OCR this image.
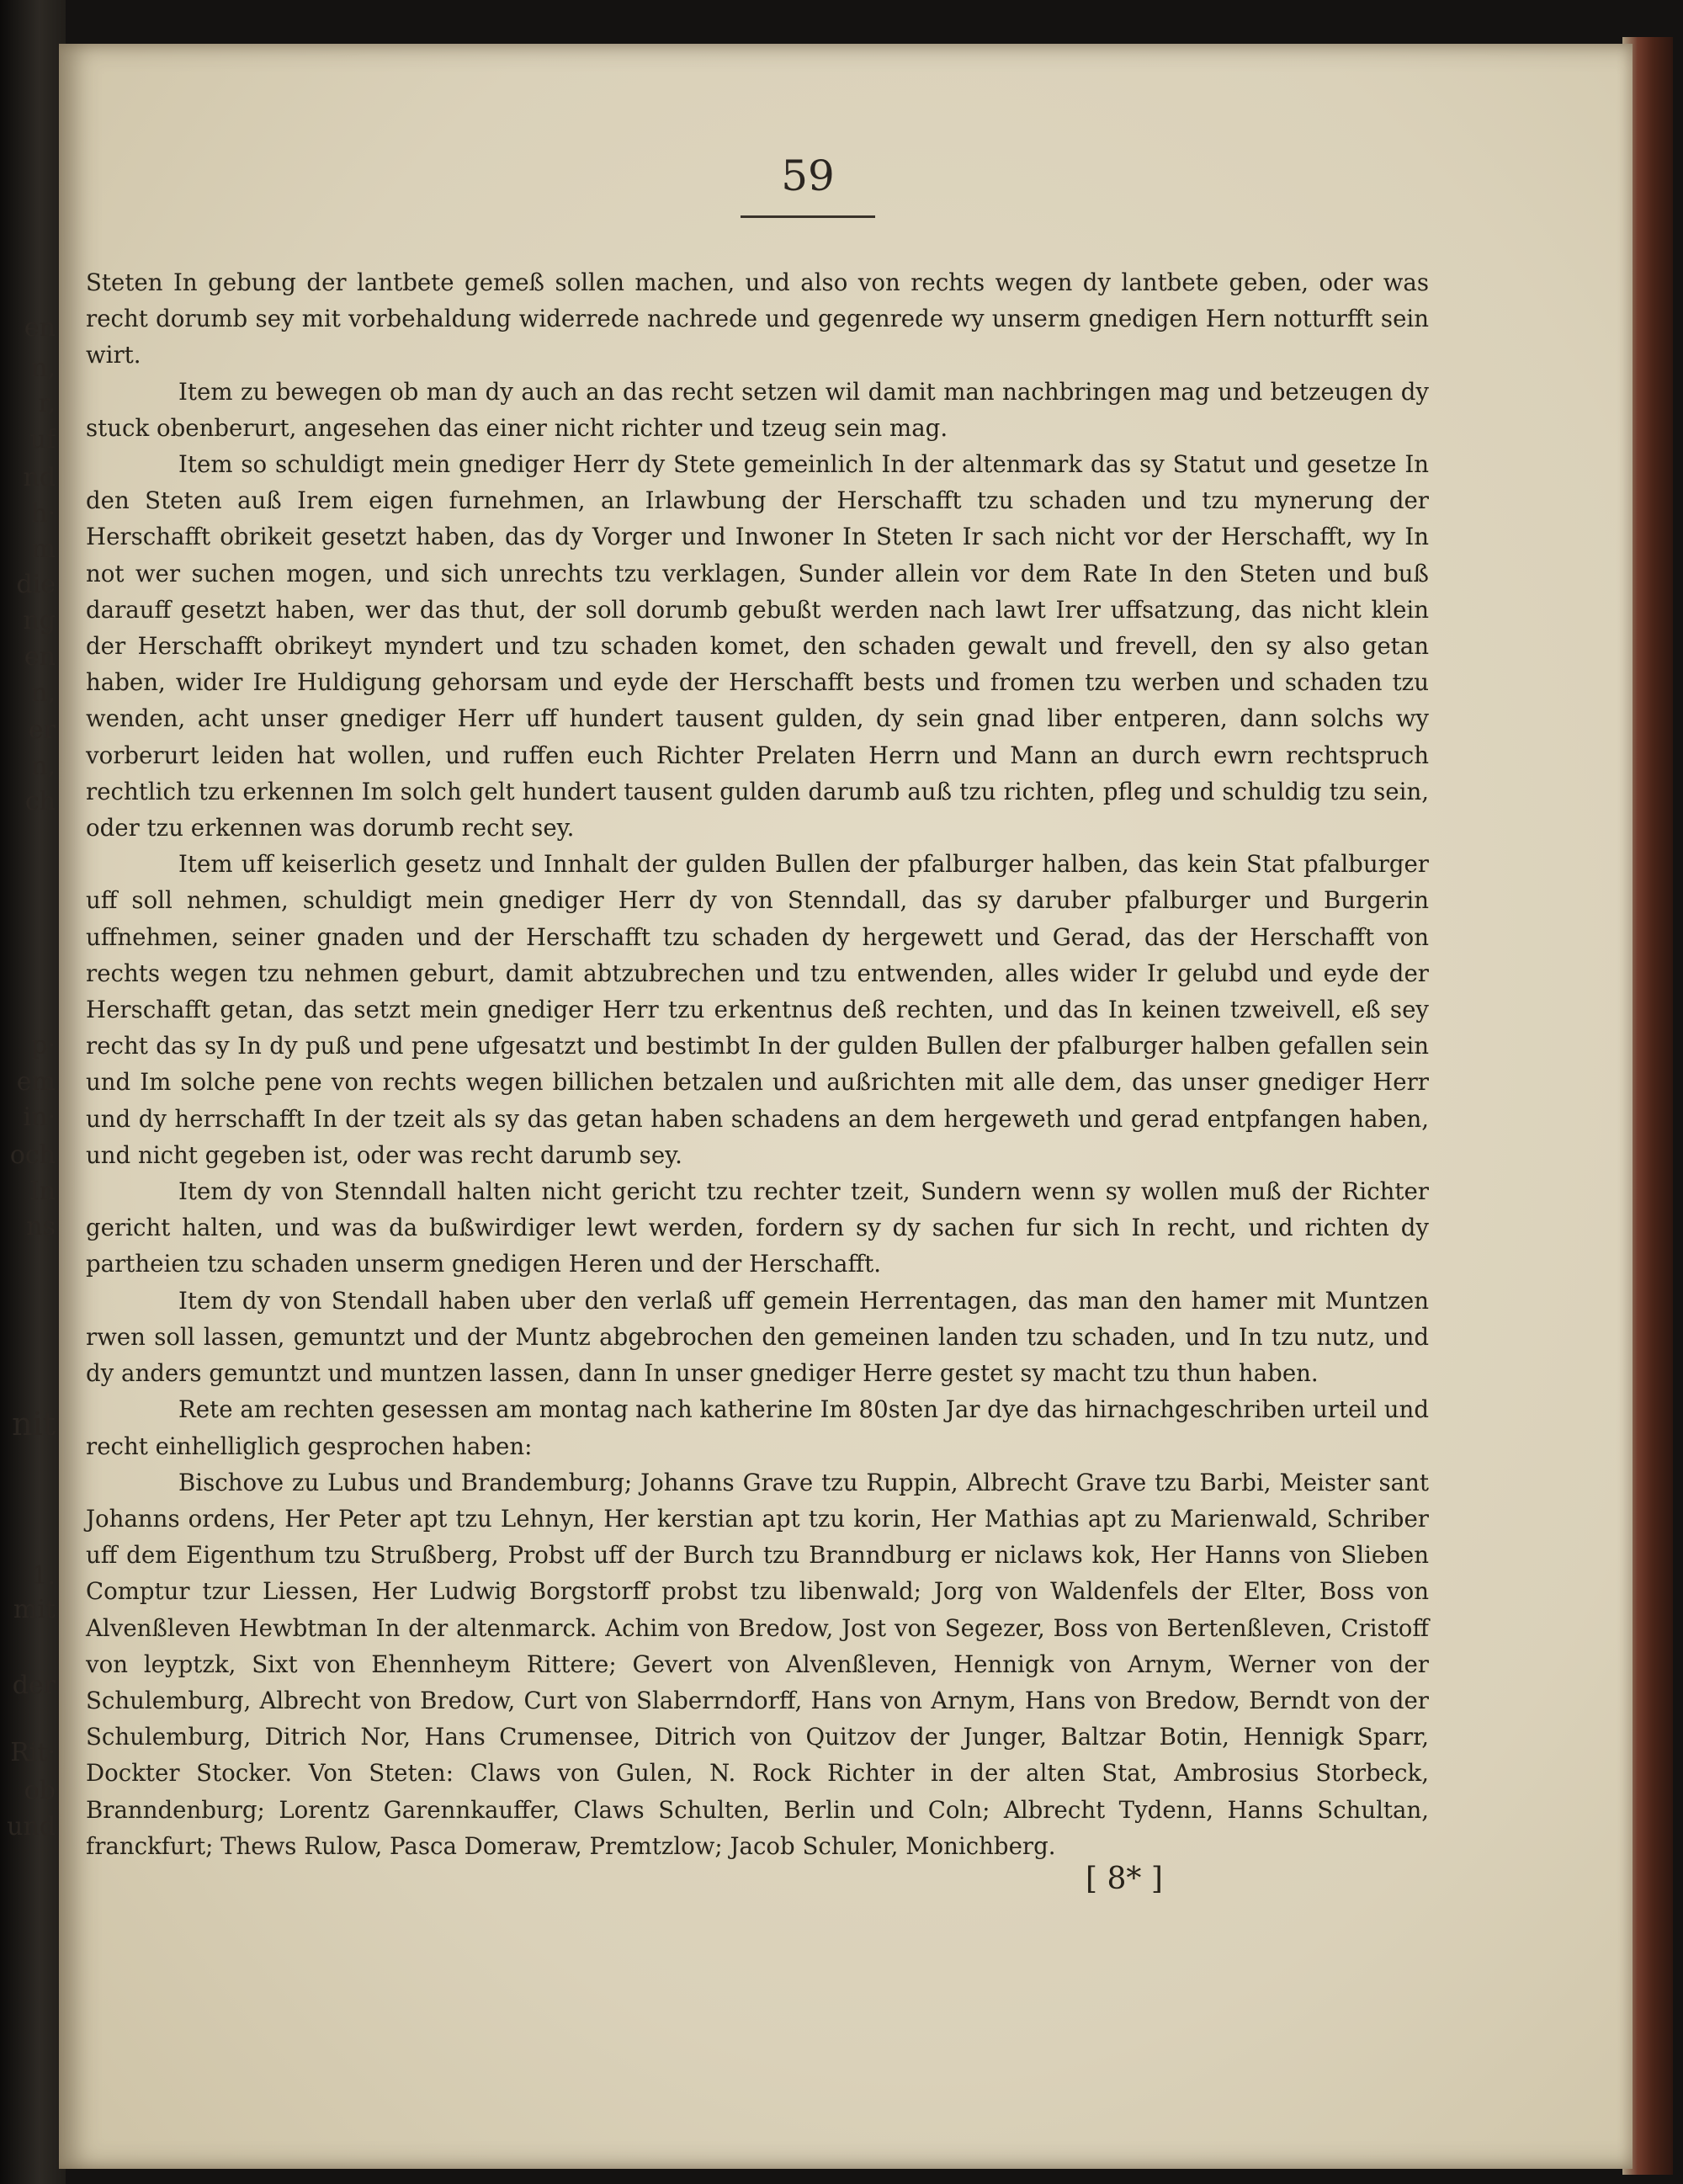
en
n,
r,
uf
nd
h·
m
die
ng
en
n,
er
n,
ch
p·
em
in·
och
In
ns
nit
1.
mit
der
Rit·
ob
und
59

Steten In gebung der lantbete gemeß sollen machen, und also von rechts wegen dy lantbete geben, oder was recht dorumb sey mit vorbehaldung widerrede nachrede und gegenrede wy unserm gnedigen Hern notturfft sein wirt.

Item zu bewegen ob man dy auch an das recht setzen wil damit man nachbringen mag und betzeugen dy stuck obenberurt, angesehen das einer nicht richter und tzeug sein mag.

Item so schuldigt mein gnediger Herr dy Stete gemeinlich In der altenmark das sy Statut und gesetze In den Steten auß Irem eigen furnehmen, an Irlawbung der Herschafft tzu schaden und tzu mynerung der Herschafft obrikeit gesetzt haben, das dy Vorger und Inwoner In Steten Ir sach nicht vor der Herschafft, wy In not wer suchen mogen, und sich unrechts tzu verklagen, Sunder allein vor dem Rate In den Steten und buß darauff gesetzt haben, wer das thut, der soll dorumb gebußt werden nach lawt Irer uffsatzung, das nicht klein der Herschafft obrikeyt myndert und tzu schaden komet, den schaden gewalt und frevell, den sy also getan haben, wider Ire Huldigung gehorsam und eyde der Herschafft bests und fromen tzu werben und schaden tzu wenden, acht unser gnediger Herr uff hundert tausent gulden, dy sein gnad liber entperen, dann solchs wy vorberurt leiden hat wollen, und ruffen euch Richter Prelaten Herrn und Mann an durch ewrn rechtspruch rechtlich tzu erkennen Im solch gelt hundert tausent gulden darumb auß tzu richten, pfleg und schuldig tzu sein, oder tzu erkennen was dorumb recht sey.

Item uff keiserlich gesetz und Innhalt der gulden Bullen der pfalburger halben, das kein Stat pfalburger uff soll nehmen, schuldigt mein gnediger Herr dy von Stenndall, das sy daruber pfalburger und Burgerin uffnehmen, seiner gnaden und der Herschafft tzu schaden dy hergewett und Gerad, das der Herschafft von rechts wegen tzu nehmen geburt, damit abtzubrechen und tzu entwenden, alles wider Ir gelubd und eyde der Herschafft getan, das setzt mein gnediger Herr tzu erkentnus deß rechten, und das In keinen tzweivell, eß sey recht das sy In dy puß und pene ufgesatzt und bestimbt In der gulden Bullen der pfalburger halben gefallen sein und Im solche pene von rechts wegen billichen betzalen und außrichten mit alle dem, das unser gnediger Herr und dy herrschafft In der tzeit als sy das getan haben schadens an dem hergeweth und gerad entpfangen haben, und nicht gegeben ist, oder was recht darumb sey.

Item dy von Stenndall halten nicht gericht tzu rechter tzeit, Sundern wenn sy wollen muß der Richter gericht halten, und was da bußwirdiger lewt werden, fordern sy dy sachen fur sich In recht, und richten dy partheien tzu schaden unserm gnedigen Heren und der Herschafft.

Item dy von Stendall haben uber den verlaß uff gemein Herrentagen, das man den hamer mit Muntzen rwen soll lassen, gemuntzt und der Muntz abgebrochen den gemeinen landen tzu schaden, und In tzu nutz, und dy anders gemuntzt und muntzen lassen, dann In unser gnediger Herre gestet sy macht tzu thun haben.

Rete am rechten gesessen am montag nach katherine Im 80sten Jar dye das hirnachgeschriben urteil und recht einhelliglich gesprochen haben:

Bischove zu Lubus und Brandemburg; Johanns Grave tzu Ruppin, Albrecht Grave tzu Barbi, Meister sant Johanns ordens, Her Peter apt tzu Lehnyn, Her kerstian apt tzu korin, Her Mathias apt zu Marienwald, Schriber uff dem Eigenthum tzu Strußberg, Probst uff der Burch tzu Branndburg er niclaws kok, Her Hanns von Slieben Comptur tzur Liessen, Her Ludwig Borgstorff probst tzu libenwald; Jorg von Waldenfels der Elter, Boss von Alvenßleven Hewbtman In der altenmarck. Achim von Bredow, Jost von Segezer, Boss von Bertenßleven, Cristoff von leyptzk, Sixt von Ehennheym Rittere; Gevert von Alvenßleven, Hennigk von Arnym, Werner von der Schulemburg, Albrecht von Bredow, Curt von Slaberrndorff, Hans von Arnym, Hans von Bredow, Berndt von der Schulemburg, Ditrich Nor, Hans Crumensee, Ditrich von Quitzov der Junger, Baltzar Botin, Hennigk Sparr, Dockter Stocker. Von Steten: Claws von Gulen, N. Rock Richter in der alten Stat, Ambrosius Storbeck, Branndenburg; Lorentz Garennkauffer, Claws Schulten, Berlin und Coln; Albrecht Tydenn, Hanns Schultan, franckfurt; Thews Rulow, Pasca Domeraw, Premtzlow; Jacob Schuler, Monichberg.

[ 8* ]
